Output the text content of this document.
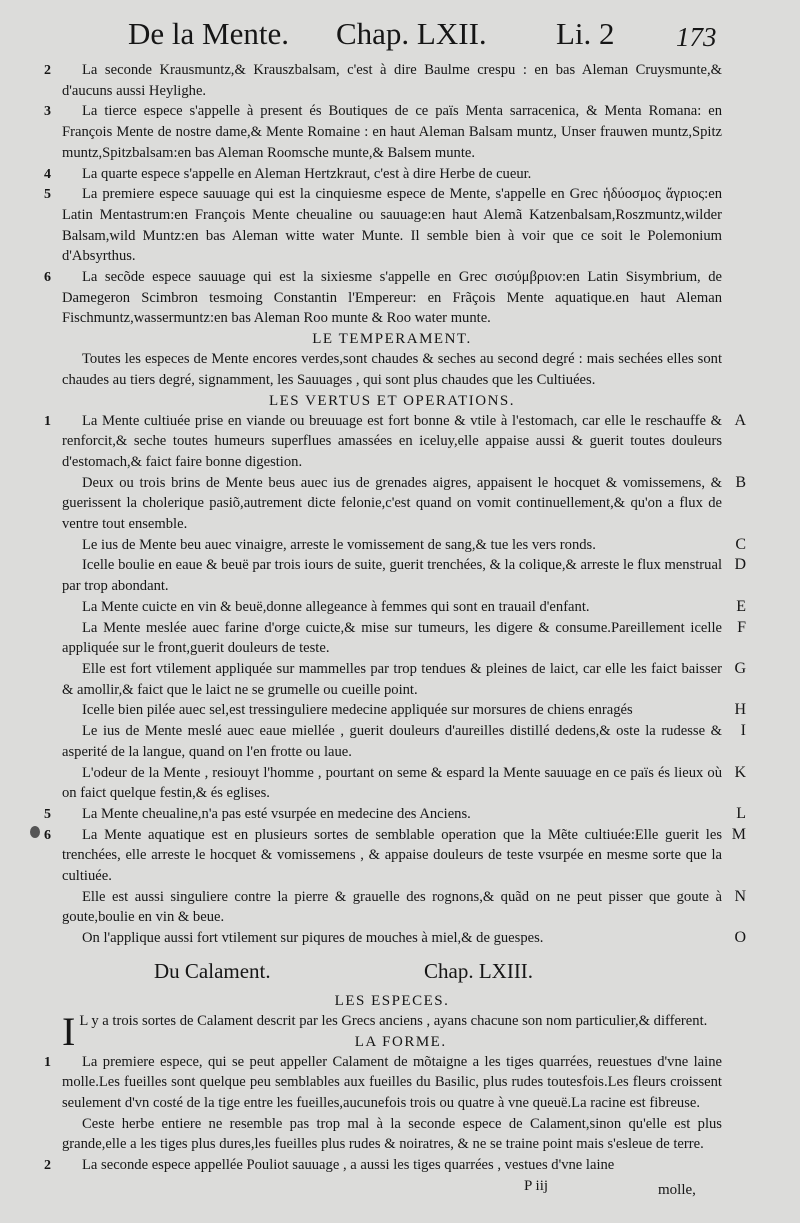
De la Mente. Chap. LXII. Li. 2 173

2 La seconde Krausmuntz,& Krauszbalsam, c'est à dire Baulme crespu : en bas Aleman Cruysmunte,& d'aucuns aussi Heylighe.

3 La tierce espece s'appelle à present és Boutiques de ce païs Menta sarracenica, & Menta Romana: en François Mente de nostre dame,& Mente Romaine : en haut Aleman Balsam muntz, Unser frauwen muntz,Spitz muntz,Spitzbalsam:en bas Aleman Roomsche munte,& Balsem munte.

4 La quarte espece s'appelle en Aleman Hertzkraut, c'est à dire Herbe de cueur.

5 La premiere espece sauuage qui est la cinquiesme espece de Mente, s'appelle en Grec ἡδύοσμος ἄγριος:en Latin Mentastrum:en François Mente cheualine ou sauuage:en haut Alemã Katzenbalsam,Roszmuntz,wilder Balsam,wild Muntz:en bas Aleman witte water Munte. Il semble bien à voir que ce soit le Polemonium d'Absyrthus.

6 La secõde espece sauuage qui est la sixiesme s'appelle en Grec σισύμβριον:en Latin Sisymbrium, de Damegeron Scimbron tesmoing Constantin l'Empereur: en Frãçois Mente aquatique.en haut Aleman Fischmuntz,wassermuntz:en bas Aleman Roo munte & Roo water munte.

LE TEMPERAMENT.

Toutes les especes de Mente encores verdes,sont chaudes & seches au second degré : mais sechées elles sont chaudes au tiers degré, signamment, les Sauuages , qui sont plus chaudes que les Cultiuées.

LES VERTUS ET OPERATIONS.

1	A
La Mente cultiuée prise en viande ou breuuage est fort bonne & vtile à l'estomach, car elle le reschauffe & renforcit,& seche toutes humeurs superflues amassées en iceluy,elle appaise aussi & guerit toutes douleurs d'estomach,& faict faire bonne digestion.

B
Deux ou trois brins de Mente beus auec ius de grenades aigres, appaisent le hocquet & vomissemens, & guerissent la cholerique pasiõ,autrement dicte felonie,c'est quand on vomit continuellement,& qu'on a flux de ventre tout ensemble.

C
Le ius de Mente beu auec vinaigre, arreste le vomissement de sang,& tue les vers ronds.

D
Icelle boulie en eaue & beuë par trois iours de suite, guerit trenchées, & la colique,& arreste le flux menstrual par trop abondant.

E
La Mente cuicte en vin & beuë,donne allegeance à femmes qui sont en trauail d'enfant.

F
La Mente meslée auec farine d'orge cuicte,& mise sur tumeurs, les digere & consume.Pareillement icelle appliquée sur le front,guerit douleurs de teste.

G
Elle est fort vtilement appliquée sur mammelles par trop tendues & pleines de laict, car elle les faict baisser & amollir,& faict que le laict ne se grumelle ou cueille point.

H
Icelle bien pilée auec sel,est tressinguliere medecine appliquée sur morsures de chiens enragés

I
Le ius de Mente meslé auec eaue miellée , guerit douleurs d'aureilles distillé dedens,& oste la rudesse & asperité de la langue, quand on l'en frotte ou laue.

K
L'odeur de la Mente , resiouyt l'homme , pourtant on seme & espard la Mente sauuage en ce païs és lieux où on faict quelque festin,& és eglises.

5	L
La Mente cheualine,n'a pas esté vsurpée en medecine des Anciens.

6	M
La Mente aquatique est en plusieurs sortes de semblable operation que la Mẽte cultiuée:Elle guerit les trenchées, elle arreste le hocquet & vomissemens , & appaise douleurs de teste vsurpée en mesme sorte que la cultiuée.

N
Elle est aussi singuliere contre la pierre & grauelle des rognons,& quãd on ne peut pisser que goute à goute,boulie en vin & beue.

O
On l'applique aussi fort vtilement sur piqures de mouches à miel,& de guespes.

Du Calament.	Chap. LXIII.

LES ESPECES.

I L y a trois sortes de Calament descrit par les Grecs anciens , ayans chacune son nom particulier,& different.

LA FORME.

1 La premiere espece, qui se peut appeller Calament de mõtaigne a les tiges quarrées, reuestues d'vne laine molle.Les fueilles sont quelque peu semblables aux fueilles du Basilic, plus rudes toutesfois.Les fleurs croissent seulement d'vn costé de la tige entre les fueilles,aucunefois trois ou quatre à vne queuë.La racine est fibreuse.

Ceste herbe entiere ne resemble pas trop mal à la seconde espece de Calament,sinon qu'elle est plus grande,elle a les tiges plus dures,les fueilles plus rudes & noiratres, & ne se traine point mais s'esleue de terre.

2 La seconde espece appellée Pouliot sauuage , a aussi les tiges quarrées , vestues d'vne laine

P iij	molle,
